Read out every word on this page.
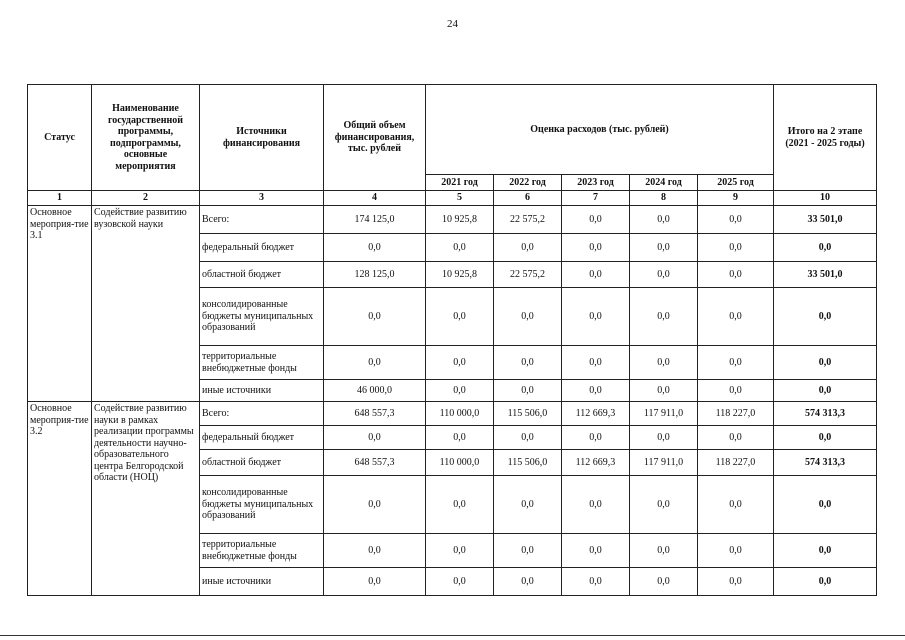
24
Статус	Наименование государственной программы, подпрограммы, основные мероприятия	Источники финансирования	Общий объем финансирования, тыс. рублей	Оценка расходов (тыс. рублей)					Итого на 2 этапе (2021 - 2025 годы)
				2021 год	2022 год	2023 год	2024 год	2025 год	
1	2	3	4	5	6	7	8	9	10
Основное мероприя-тие 3.1	Содействие развитию вузовской науки	Всего:	174 125,0	10 925,8	22 575,2	0,0	0,0	0,0	33 501,0
		федеральный бюджет	0,0	0,0	0,0	0,0	0,0	0,0	0,0
		областной бюджет	128 125,0	10 925,8	22 575,2	0,0	0,0	0,0	33 501,0
		консолидированные бюджеты муниципальных образований	0,0	0,0	0,0	0,0	0,0	0,0	0,0
		территориальные внебюджетные фонды	0,0	0,0	0,0	0,0	0,0	0,0	0,0
		иные источники	46 000,0	0,0	0,0	0,0	0,0	0,0	0,0
Основное мероприя-тие 3.2	Содействие развитию науки в рамках реализации программы деятельности научно-образовательного центра Белгородской области (НОЦ)	Всего:	648 557,3	110 000,0	115 506,0	112 669,3	117 911,0	118 227,0	574 313,3
		федеральный бюджет	0,0	0,0	0,0	0,0	0,0	0,0	0,0
		областной бюджет	648 557,3	110 000,0	115 506,0	112 669,3	117 911,0	118 227,0	574 313,3
		консолидированные бюджеты муниципальных образований	0,0	0,0	0,0	0,0	0,0	0,0	0,0
		территориальные внебюджетные фонды	0,0	0,0	0,0	0,0	0,0	0,0	0,0
		иные источники	0,0	0,0	0,0	0,0	0,0	0,0	0,0
